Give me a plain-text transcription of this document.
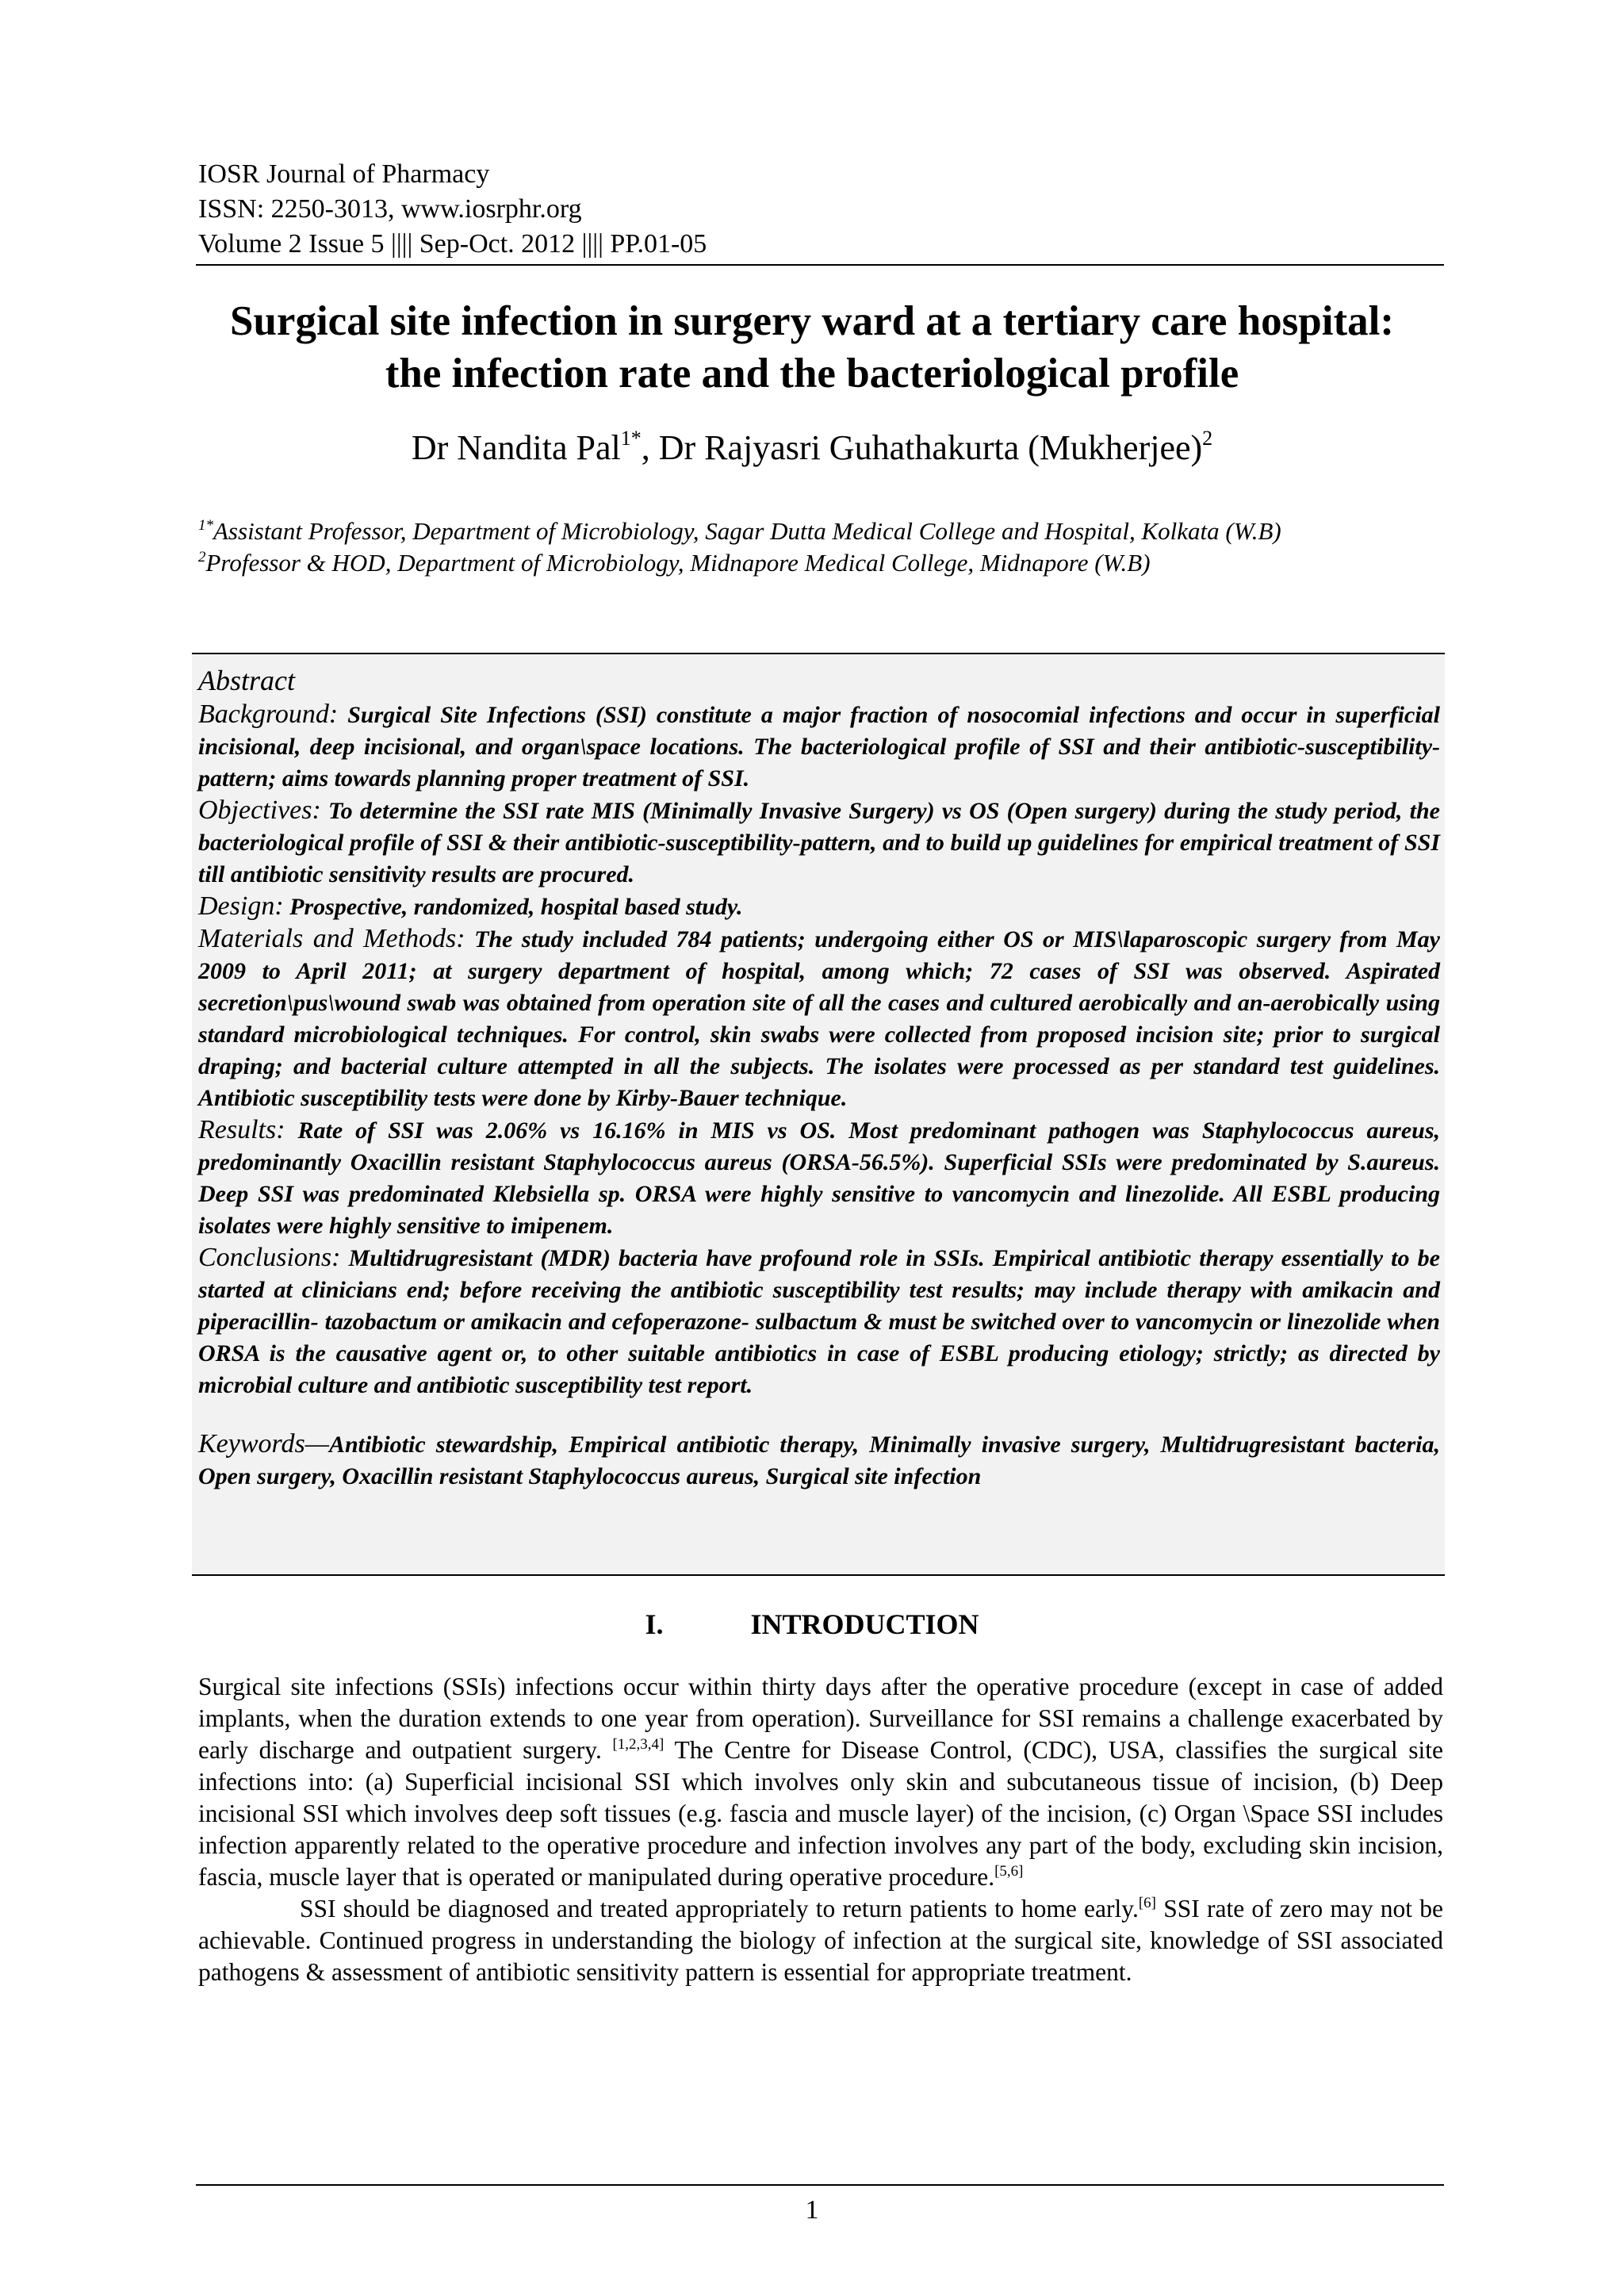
IOSR Journal of Pharmacy
ISSN: 2250-3013, www.iosrphr.org
Volume 2 Issue 5 |||| Sep-Oct. 2012 |||| PP.01-05
Surgical site infection in surgery ward at a tertiary care hospital:
the infection rate and the bacteriological profile
Dr Nandita Pal$^{1*}$, Dr Rajyasri Guhathakurta (Mukherjee)$^2$
$^{1*}$Assistant Professor, Department of Microbiology, Sagar Dutta Medical College and Hospital, Kolkata (W.B)
$^2$Professor & HOD, Department of Microbiology, Midnapore Medical College, Midnapore (W.B)
Abstract
Background: Surgical Site Infections (SSI) constitute a major fraction of nosocomial infections and occur in superficial incisional, deep incisional, and organ\space locations. The bacteriological profile of SSI and their antibiotic-susceptibility-pattern; aims towards planning proper treatment of SSI.
Objectives: To determine the SSI rate MIS (Minimally Invasive Surgery) vs OS (Open surgery) during the study period, the bacteriological profile of SSI & their antibiotic-susceptibility-pattern, and to build up guidelines for empirical treatment of SSI till antibiotic sensitivity results are procured.
Design: Prospective, randomized, hospital based study.
Materials and Methods: The study included 784 patients; undergoing either OS or MIS\laparoscopic surgery from May 2009 to April 2011; at surgery department of hospital, among which; 72 cases of SSI was observed. Aspirated secretion\pus\wound swab was obtained from operation site of all the cases and cultured aerobically and an-aerobically using standard microbiological techniques. For control, skin swabs were collected from proposed incision site; prior to surgical draping; and bacterial culture attempted in all the subjects. The isolates were processed as per standard test guidelines. Antibiotic susceptibility tests were done by Kirby-Bauer technique.
Results: Rate of SSI was 2.06% vs 16.16% in MIS vs OS. Most predominant pathogen was Staphylococcus aureus, predominantly Oxacillin resistant Staphylococcus aureus (ORSA-56.5%). Superficial SSIs were predominated by S.aureus. Deep SSI was predominated Klebsiella sp. ORSA were highly sensitive to vancomycin and linezolide. All ESBL producing isolates were highly sensitive to imipenem.
Conclusions: Multidrugresistant (MDR) bacteria have profound role in SSIs. Empirical antibiotic therapy essentially to be started at clinicians end; before receiving the antibiotic susceptibility test results; may include therapy with amikacin and piperacillin- tazobactum or amikacin and cefoperazone- sulbactum & must be switched over to vancomycin or linezolide when ORSA is the causative agent or, to other suitable antibiotics in case of ESBL producing etiology; strictly; as directed by microbial culture and antibiotic susceptibility test report.
Keywords—Antibiotic stewardship, Empirical antibiotic therapy, Minimally invasive surgery, Multidrugresistant bacteria, Open surgery, Oxacillin resistant Staphylococcus aureus, Surgical site infection
I.	INTRODUCTION

Surgical site infections (SSIs) infections occur within thirty days after the operative procedure (except in case of added implants, when the duration extends to one year from operation). Surveillance for SSI remains a challenge exacerbated by early discharge and outpatient surgery. [1,2,3,4] The Centre for Disease Control, (CDC), USA, classifies the surgical site infections into: (a) Superficial incisional SSI which involves only skin and subcutaneous tissue of incision, (b) Deep incisional SSI which involves deep soft tissues (e.g. fascia and muscle layer) of the incision, (c) Organ \Space SSI includes infection apparently related to the operative procedure and infection involves any part of the body, excluding skin incision, fascia, muscle layer that is operated or manipulated during operative procedure.[5,6]

SSI should be diagnosed and treated appropriately to return patients to home early.[6] SSI rate of zero may not be achievable. Continued progress in understanding the biology of infection at the surgical site, knowledge of SSI associated pathogens & assessment of antibiotic sensitivity pattern is essential for appropriate treatment.

1
